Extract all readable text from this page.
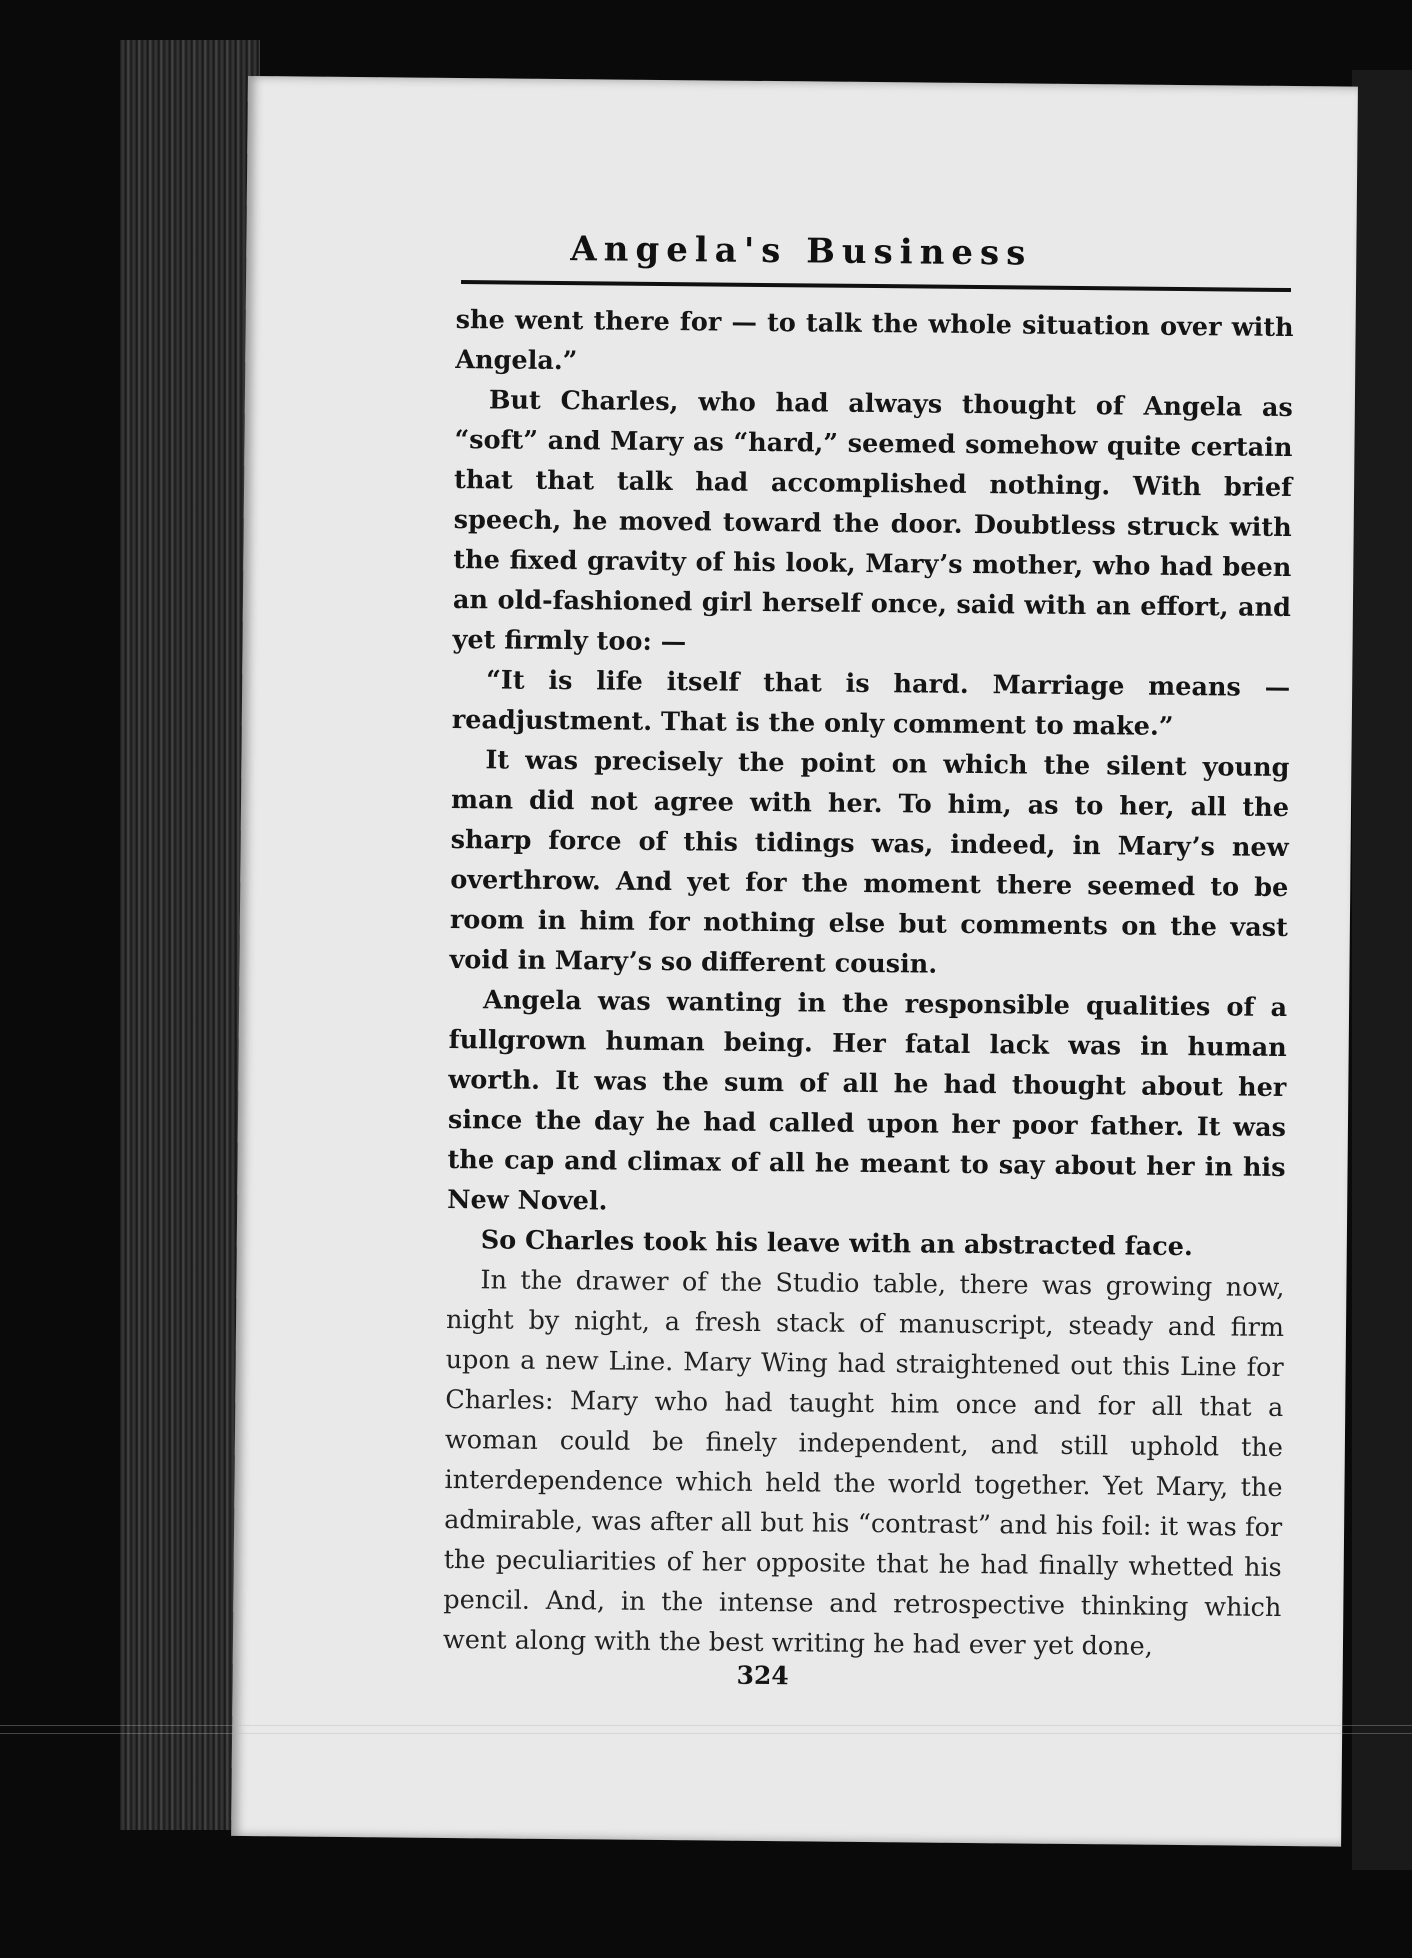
Angela's Business

she went there for — to talk the whole situation over with Angela.”

But Charles, who had always thought of Angela as “soft” and Mary as “hard,” seemed somehow quite certain that that talk had accomplished nothing. With brief speech, he moved toward the door. Doubtless struck with the fixed gravity of his look, Mary’s mother, who had been an old-fashioned girl herself once, said with an effort, and yet firmly too: —

“It is life itself that is hard. Marriage means — readjustment. That is the only comment to make.”

It was precisely the point on which the silent young man did not agree with her. To him, as to her, all the sharp force of this tidings was, indeed, in Mary’s new overthrow. And yet for the moment there seemed to be room in him for nothing else but comments on the vast void in Mary’s so different cousin.

Angela was wanting in the responsible qualities of a fullgrown human being. Her fatal lack was in human worth. It was the sum of all he had thought about her since the day he had called upon her poor father. It was the cap and climax of all he meant to say about her in his New Novel.

So Charles took his leave with an abstracted face.

In the drawer of the Studio table, there was growing now, night by night, a fresh stack of manuscript, steady and firm upon a new Line. Mary Wing had straightened out this Line for Charles: Mary who had taught him once and for all that a woman could be finely independent, and still uphold the interdependence which held the world together. Yet Mary, the admirable, was after all but his “contrast” and his foil: it was for the peculiarities of her opposite that he had finally whetted his pencil. And, in the intense and retrospective thinking which went along with the best writing he had ever yet done,

324
